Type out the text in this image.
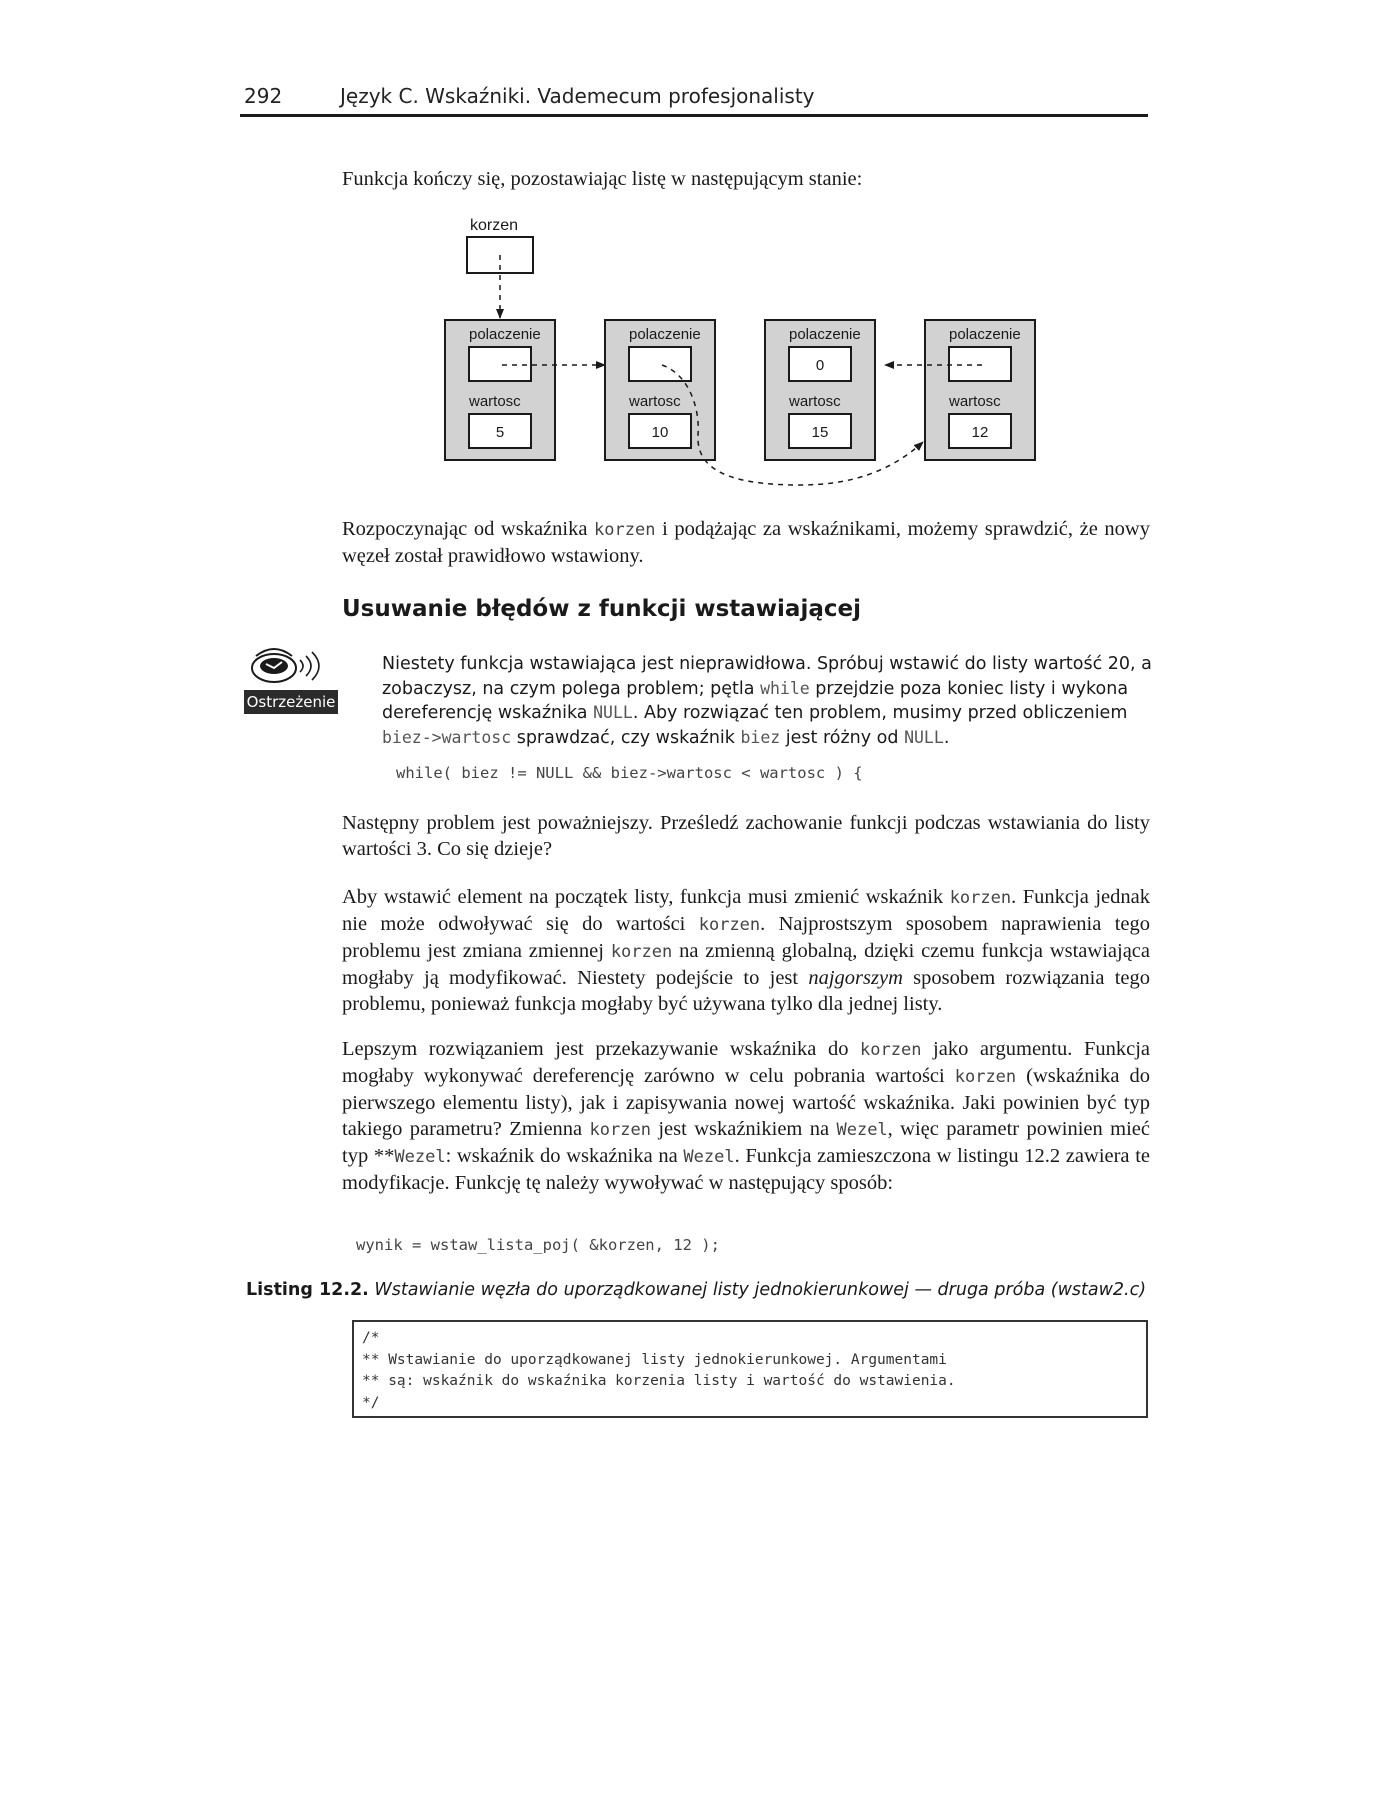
292	Język C. Wskaźniki. Vademecum profesjonalisty

Funkcja kończy się, pozostawiając listę w następującym stanie:

korzen
polaczenie
wartosc
5
polaczenie
wartosc
10
polaczenie
0
wartosc
15
polaczenie
wartosc
12

Rozpoczynając od wskaźnika korzen i podążając za wskaźnikami, możemy sprawdzić, że nowy węzeł został prawidłowo wstawiony.

Usuwanie błędów z funkcji wstawiającej
Ostrzeżenie
Niestety funkcja wstawiająca jest nieprawidłowa. Spróbuj wstawić do listy wartość 20, a zobaczysz, na czym polega problem; pętla while przejdzie poza koniec listy i wykona dereferencję wskaźnika NULL. Aby rozwiązać ten problem, musimy przed obliczeniem biez->wartosc sprawdzać, czy wskaźnik biez jest różny od NULL.
while( biez != NULL && biez->wartosc < wartosc ) {

Następny problem jest poważniejszy. Prześledź zachowanie funkcji podczas wstawiania do listy wartości 3. Co się dzieje?

Aby wstawić element na początek listy, funkcja musi zmienić wskaźnik korzen. Funkcja jednak nie może odwoływać się do wartości korzen. Najprostszym sposobem naprawienia tego problemu jest zmiana zmiennej korzen na zmienną globalną, dzięki czemu funkcja wstawiająca mogłaby ją modyfikować. Niestety podejście to jest najgorszym sposobem rozwiązania tego problemu, ponieważ funkcja mogłaby być używana tylko dla jednej listy.

Lepszym rozwiązaniem jest przekazywanie wskaźnika do korzen jako argumentu. Funkcja mogłaby wykonywać dereferencję zarówno w celu pobrania wartości korzen (wskaźnika do pierwszego elementu listy), jak i zapisywania nowej wartość wskaźnika. Jaki powinien być typ takiego parametru? Zmienna korzen jest wskaźnikiem na Wezel, więc parametr powinien mieć typ **Wezel: wskaźnik do wskaźnika na Wezel. Funkcja zamieszczona w listingu 12.2 zawiera te modyfikacje. Funkcję tę należy wywoływać w następujący sposób:

wynik = wstaw_lista_poj( &korzen, 12 );
Listing 12.2. Wstawianie węzła do uporządkowanej listy jednokierunkowej — druga próba (wstaw2.c)
/*
** Wstawianie do uporządkowanej listy jednokierunkowej. Argumentami
** są: wskaźnik do wskaźnika korzenia listy i wartość do wstawienia.
*/
